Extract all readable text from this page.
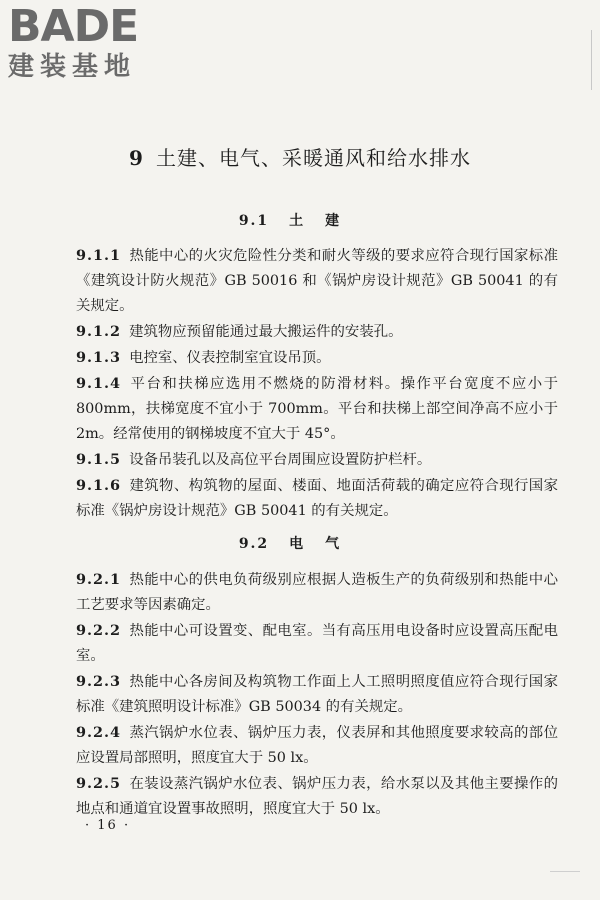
BADE
建装基地
9 土建、电气、采暖通风和给水排水
9.1 土建

9.1.1 热能中心的火灾危险性分类和耐火等级的要求应符合现行国家标准《建筑设计防火规范》GB 50016 和《锅炉房设计规范》GB 50041 的有关规定。

9.1.2 建筑物应预留能通过最大搬运件的安装孔。

9.1.3 电控室、仪表控制室宜设吊顶。

9.1.4 平台和扶梯应选用不燃烧的防滑材料。操作平台宽度不应小于 800mm，扶梯宽度不宜小于 700mm。平台和扶梯上部空间净高不应小于 2m。经常使用的钢梯坡度不宜大于 45°。

9.1.5 设备吊装孔以及高位平台周围应设置防护栏杆。

9.1.6 建筑物、构筑物的屋面、楼面、地面活荷载的确定应符合现行国家标准《锅炉房设计规范》GB 50041 的有关规定。

9.2 电气

9.2.1 热能中心的供电负荷级别应根据人造板生产的负荷级别和热能中心工艺要求等因素确定。

9.2.2 热能中心可设置变、配电室。当有高压用电设备时应设置高压配电室。

9.2.3 热能中心各房间及构筑物工作面上人工照明照度值应符合现行国家标准《建筑照明设计标准》GB 50034 的有关规定。

9.2.4 蒸汽锅炉水位表、锅炉压力表，仪表屏和其他照度要求较高的部位应设置局部照明，照度宜大于 50 lx。

9.2.5 在装设蒸汽锅炉水位表、锅炉压力表，给水泵以及其他主要操作的地点和通道宜设置事故照明，照度宜大于 50 lx。

· 16 ·
